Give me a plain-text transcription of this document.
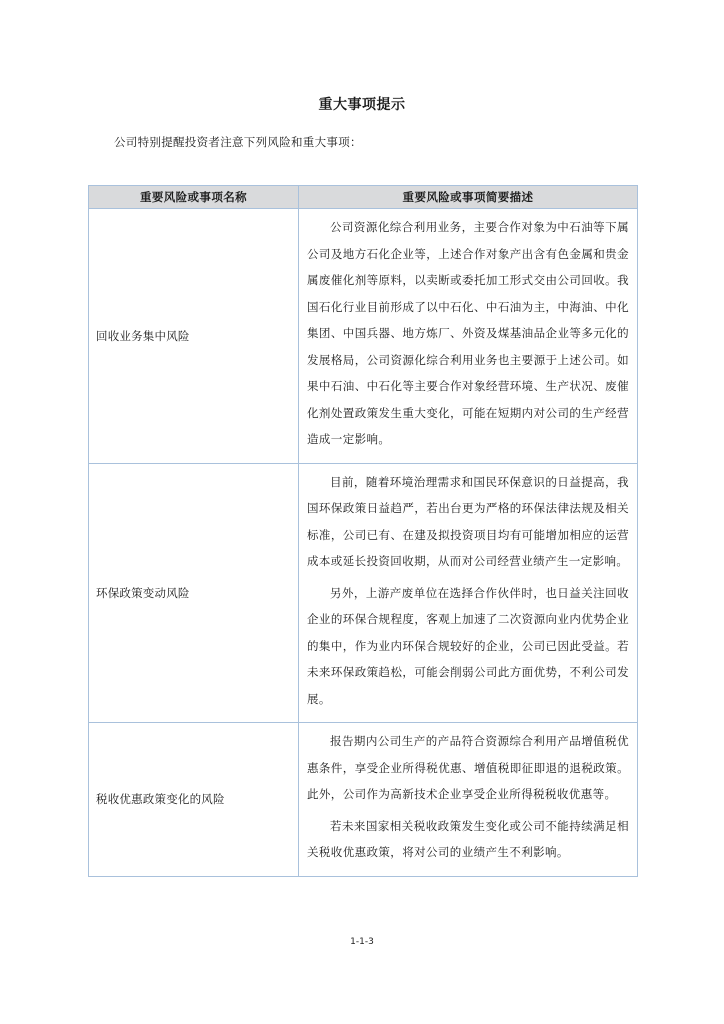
重大事项提示
公司特别提醒投资者注意下列风险和重大事项：
重要风险或事项名称	重要风险或事项简要描述
回收业务集中风险	公司资源化综合利用业务，主要合作对象为中石油等下属公司及地方石化企业等，上述合作对象产出含有色金属和贵金属废催化剂等原料，以卖断或委托加工形式交由公司回收。我国石化行业目前形成了以中石化、中石油为主，中海油、中化集团、中国兵器、地方炼厂、外资及煤基油品企业等多元化的发展格局，公司资源化综合利用业务也主要源于上述公司。如果中石油、中石化等主要合作对象经营环境、生产状况、废催化剂处置政策发生重大变化，可能在短期内对公司的生产经营造成一定影响。

环保政策变动风险	目前，随着环境治理需求和国民环保意识的日益提高，我国环保政策日益趋严，若出台更为严格的环保法律法规及相关标准，公司已有、在建及拟投资项目均有可能增加相应的运营成本或延长投资回收期，从而对公司经营业绩产生一定影响。

另外，上游产废单位在选择合作伙伴时，也日益关注回收企业的环保合规程度，客观上加速了二次资源向业内优势企业的集中，作为业内环保合规较好的企业，公司已因此受益。若未来环保政策趋松，可能会削弱公司此方面优势，不利公司发展。

税收优惠政策变化的风险	报告期内公司生产的产品符合资源综合利用产品增值税优惠条件，享受企业所得税优惠、增值税即征即退的退税政策。此外，公司作为高新技术企业享受企业所得税税收优惠等。

若未来国家相关税收政策发生变化或公司不能持续满足相关税收优惠政策，将对公司的业绩产生不利影响。

1-1-3
